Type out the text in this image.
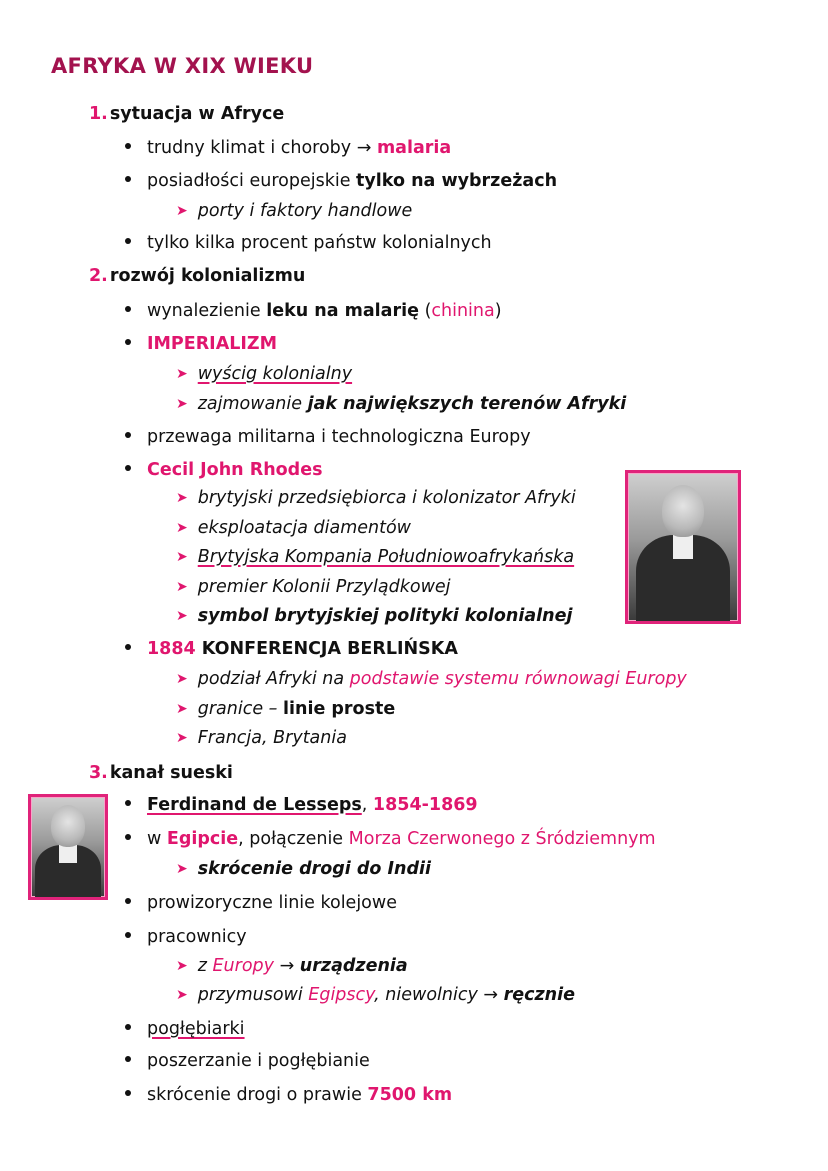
AFRYKA W XIX WIEKU
1. sytuacja w Afryce
trudny klimat i choroby → malaria
posiadłości europejskie tylko na wybrzeżach
➤ porty i faktory handlowe
tylko kilka procent państw kolonialnych
2. rozwój kolonializmu
wynalezienie leku na malarię (chinina)
IMPERIALIZM
➤ wyścig kolonialny
➤ zajmowanie jak największych terenów Afryki
przewaga militarna i technologiczna Europy
Cecil John Rhodes
➤ brytyjski przedsiębiorca i kolonizator Afryki
➤ eksploatacja diamentów
➤ Brytyjska Kompania Południowoafrykańska
➤ premier Kolonii Przylądkowej
➤ symbol brytyjskiej polityki kolonialnej
1884 KONFERENCJA BERLIŃSKA
➤ podział Afryki na podstawie systemu równowagi Europy
➤ granice – linie proste
➤ Francja, Brytania
3. kanał sueski
Ferdinand de Lesseps, 1854-1869
w Egipcie, połączenie Morza Czerwonego z Śródziemnym
➤ skrócenie drogi do Indii
prowizoryczne linie kolejowe
pracownicy
➤ z Europy → urządzenia
➤ przymusowi Egipscy, niewolnicy → ręcznie
pogłębiarki
poszerzanie i pogłębianie
skrócenie drogi o prawie 7500 km
